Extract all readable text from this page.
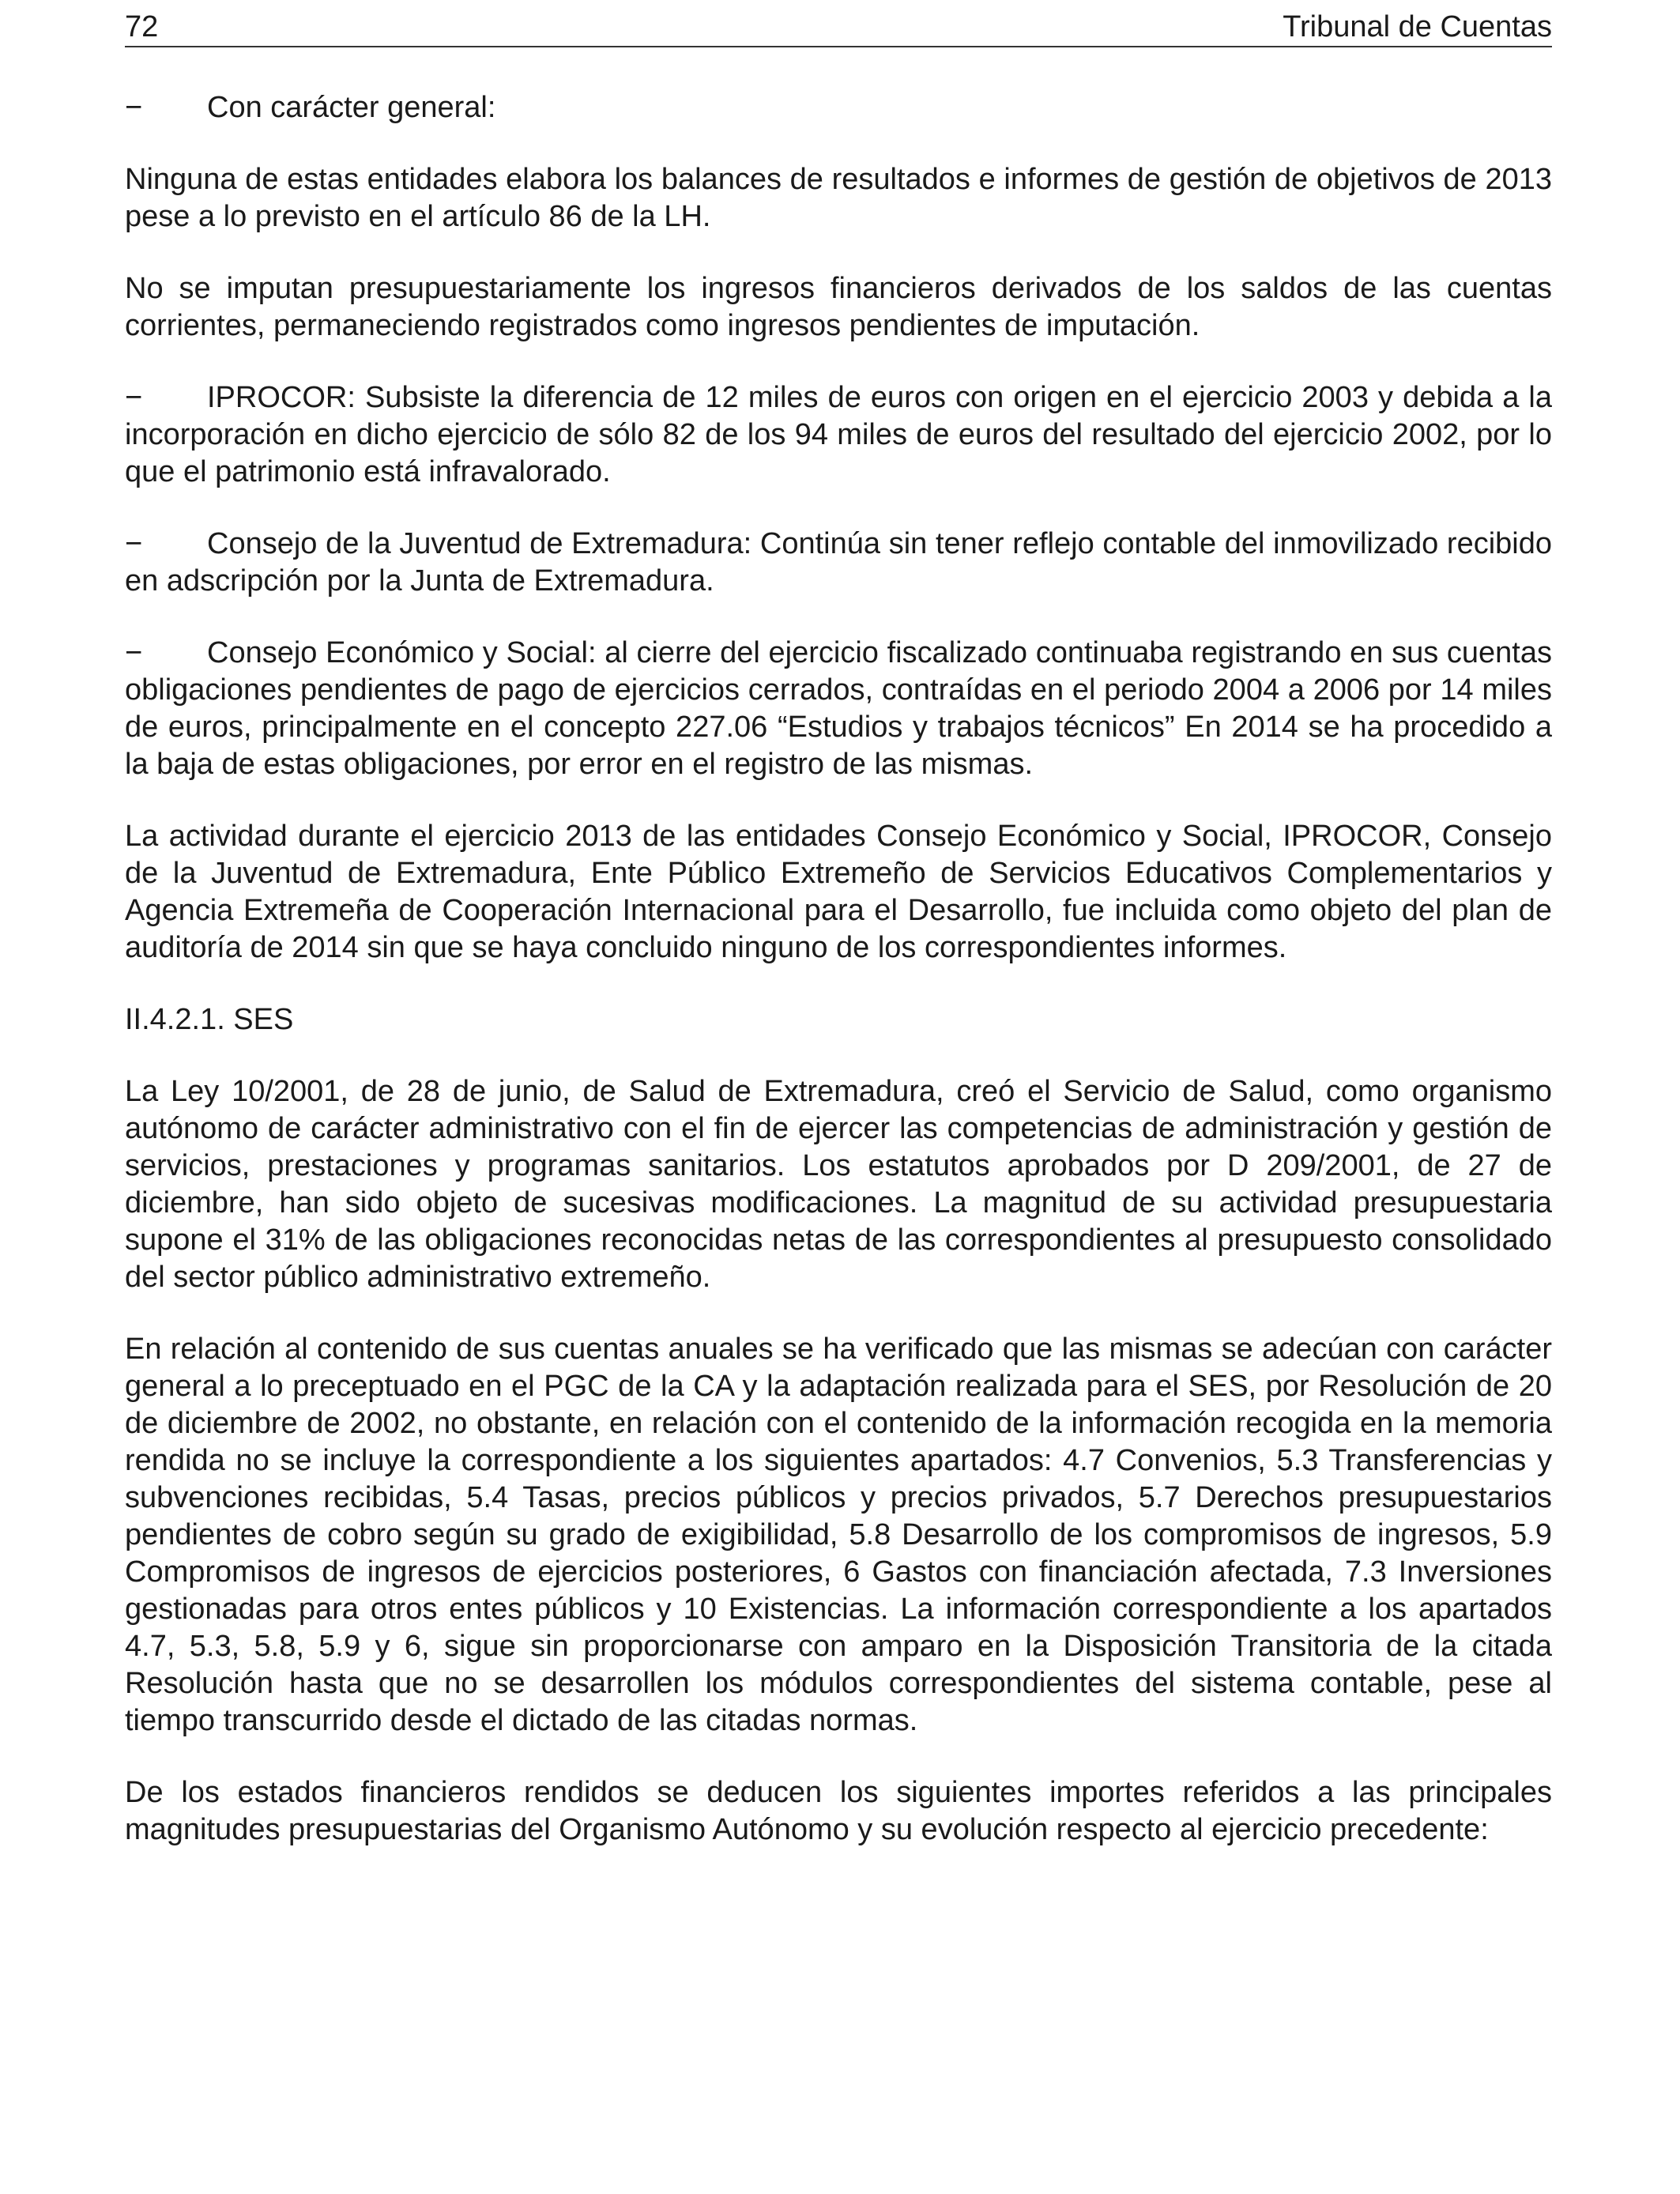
72	Tribunal de Cuentas

− Con carácter general:

Ninguna de estas entidades elabora los balances de resultados e informes de gestión de objetivos de 2013 pese a lo previsto en el artículo 86 de la LH.

No se imputan presupuestariamente los ingresos financieros derivados de los saldos de las cuentas corrientes, permaneciendo registrados como ingresos pendientes de imputación.

− IPROCOR: Subsiste la diferencia de 12 miles de euros con origen en el ejercicio 2003 y debida a la incorporación en dicho ejercicio de sólo 82 de los 94 miles de euros del resultado del ejercicio 2002, por lo que el patrimonio está infravalorado.

− Consejo de la Juventud de Extremadura: Continúa sin tener reflejo contable del inmovilizado recibido en adscripción por la Junta de Extremadura.

− Consejo Económico y Social: al cierre del ejercicio fiscalizado continuaba registrando en sus cuentas obligaciones pendientes de pago de ejercicios cerrados, contraídas en el periodo 2004 a 2006 por 14 miles de euros, principalmente en el concepto 227.06 “Estudios y trabajos técnicos” En 2014 se ha procedido a la baja de estas obligaciones, por error en el registro de las mismas.

La actividad durante el ejercicio 2013 de las entidades Consejo Económico y Social, IPROCOR, Consejo de la Juventud de Extremadura, Ente Público Extremeño de Servicios Educativos Complementarios y Agencia Extremeña de Cooperación Internacional para el Desarrollo, fue incluida como objeto del plan de auditoría de 2014 sin que se haya concluido ninguno de los correspondientes informes.

II.4.2.1. SES

La Ley 10/2001, de 28 de junio, de Salud de Extremadura, creó el Servicio de Salud, como organismo autónomo de carácter administrativo con el fin de ejercer las competencias de administración y gestión de servicios, prestaciones y programas sanitarios. Los estatutos aprobados por D 209/2001, de 27 de diciembre, han sido objeto de sucesivas modificaciones. La magnitud de su actividad presupuestaria supone el 31% de las obligaciones reconocidas netas de las correspondientes al presupuesto consolidado del sector público administrativo extremeño.

En relación al contenido de sus cuentas anuales se ha verificado que las mismas se adecúan con carácter general a lo preceptuado en el PGC de la CA y la adaptación realizada para el SES, por Resolución de 20 de diciembre de 2002, no obstante, en relación con el contenido de la información recogida en la memoria rendida no se incluye la correspondiente a los siguientes apartados: 4.7 Convenios, 5.3 Transferencias y subvenciones recibidas, 5.4 Tasas, precios públicos y precios privados, 5.7 Derechos presupuestarios pendientes de cobro según su grado de exigibilidad, 5.8 Desarrollo de los compromisos de ingresos, 5.9 Compromisos de ingresos de ejercicios posteriores, 6 Gastos con financiación afectada, 7.3 Inversiones gestionadas para otros entes públicos y 10 Existencias. La información correspondiente a los apartados 4.7, 5.3, 5.8, 5.9 y 6, sigue sin proporcionarse con amparo en la Disposición Transitoria de la citada Resolución hasta que no se desarrollen los módulos correspondientes del sistema contable, pese al tiempo transcurrido desde el dictado de las citadas normas.

De los estados financieros rendidos se deducen los siguientes importes referidos a las principales magnitudes presupuestarias del Organismo Autónomo y su evolución respecto al ejercicio precedente:
